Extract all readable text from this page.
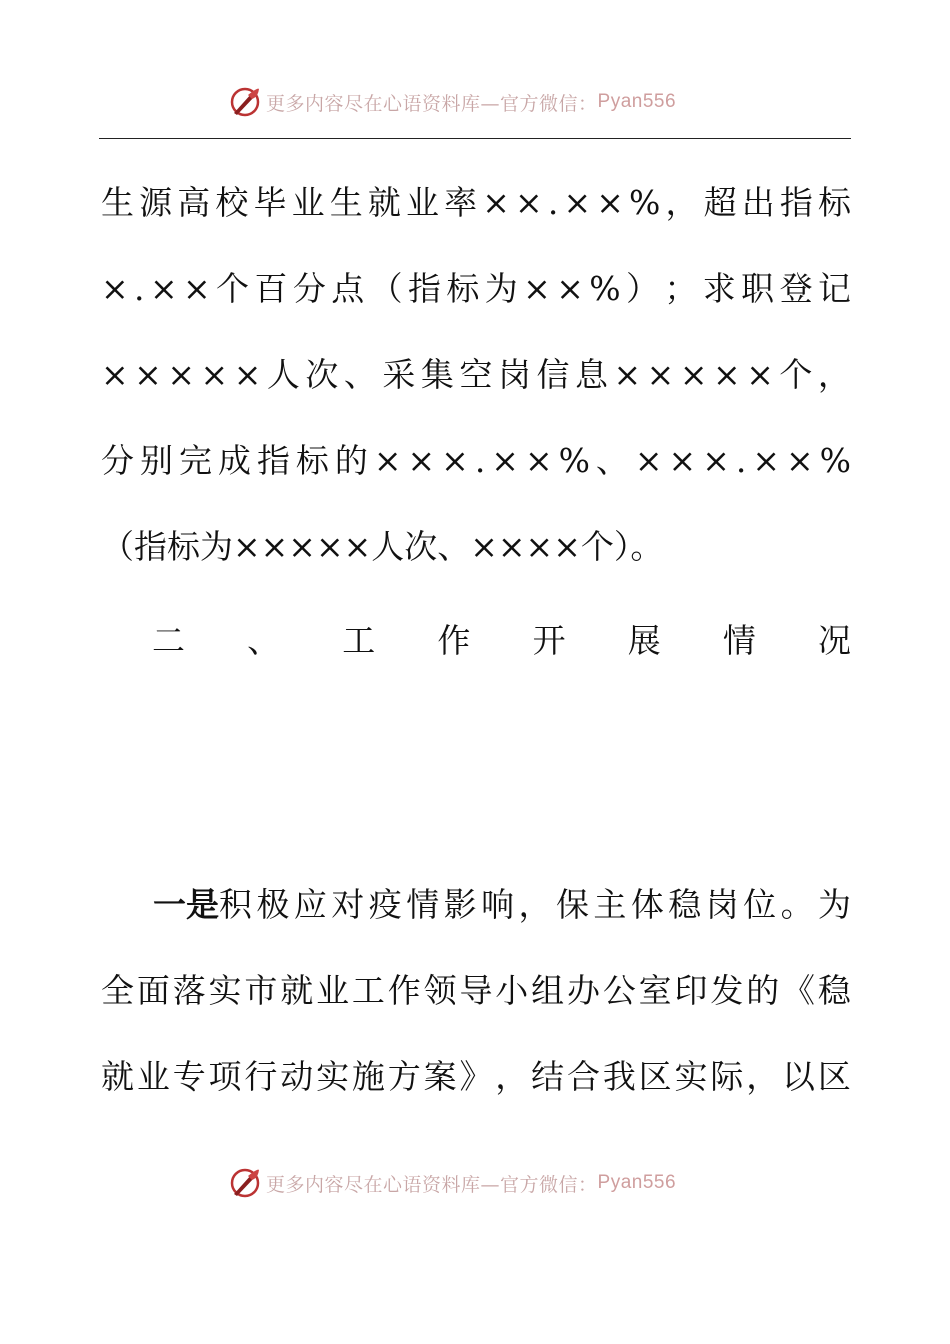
更多内容尽在心语资料库—官方微信： Pyan556
生 源 高 校 毕 业 生 就 业 率 × × . × × % ， 超 出 指 标
× . × × 个 百 分 点 （ 指 标 为 × × % ） ； 求 职 登 记
× × × × × 人 次 、 采 集 空 岗 信 息 × × × × × 个 ，
分 别 完 成 指 标 的 × × × . × × % 、 × × × . × × %
（指标为×××××人次、××××个）。
二 、 工 作 开 展 情 况
一是 积 极 应 对 疫 情 影 响 ， 保 主 体 稳 岗 位 。 为
全 面 落 实 市 就 业 工 作 领 导 小 组 办 公 室 印 发 的 《 稳
就 业 专 项 行 动 实 施 方 案 》 ， 结 合 我 区 实 际 ， 以 区
更多内容尽在心语资料库—官方微信： Pyan556
